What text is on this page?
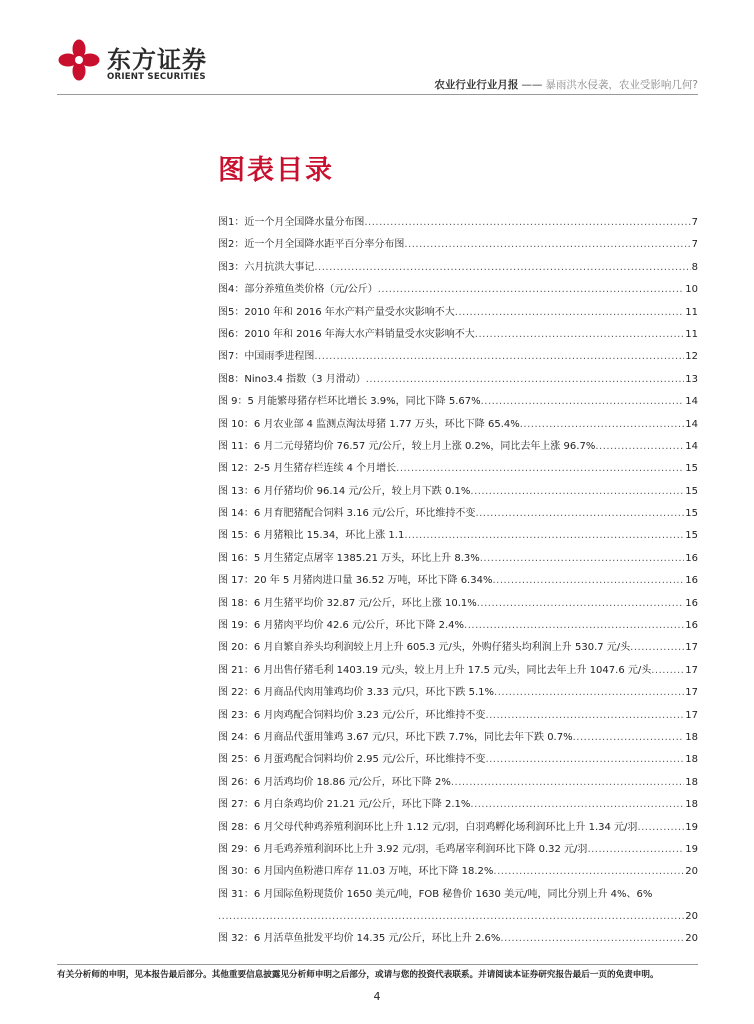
东方证券
ORIENT SECURITIES
农业行业行业月报 —— 暴雨洪水侵袭，农业受影响几何?
图表目录
图1：近一个月全国降水量分布图 .....	7
图2：近一个月全国降水距平百分率分布图 .....	7
图3：六月抗洪大事记 .....	8
图4：部分养殖鱼类价格（元/公斤） .....	10
图5：2010 年和 2016 年水产料产量受水灾影响不大 .....	11
图6：2010 年和 2016 年海大水产料销量受水灾影响不大 .....	11
图7：中国雨季进程图 .....	12
图8：Nino3.4 指数（3 月滑动） .....	13
图 9：5 月能繁母猪存栏环比增长 3.9%，同比下降 5.67% .....	14
图 10：6 月农业部 4 监测点淘汰母猪 1.77 万头，环比下降 65.4% .....	14
图 11：6 月二元母猪均价 76.57 元/公斤，较上月上涨 0.2%，同比去年上涨 96.7% .....	14
图 12：2-5 月生猪存栏连续 4 个月增长 .....	15
图 13：6 月仔猪均价 96.14 元/公斤，较上月下跌 0.1% .....	15
图 14：6 月育肥猪配合饲料 3.16 元/公斤，环比维持不变 .....	15
图 15：6 月猪粮比 15.34，环比上涨 1.1 .....	15
图 16：5 月生猪定点屠宰 1385.21 万头，环比上升 8.3% .....	16
图 17：20 年 5 月猪肉进口量 36.52 万吨，环比下降 6.34% .....	16
图 18：6 月生猪平均价 32.87 元/公斤，环比上涨 10.1% .....	16
图 19：6 月猪肉平均价 42.6 元/公斤，环比下降 2.4% .....	16
图 20：6 月自繁自养头均利润较上月上升 605.3 元/头，外购仔猪头均利润上升 530.7 元/头 .....	17
图 21：6 月出售仔猪毛利 1403.19 元/头，较上月上升 17.5 元/头，同比去年上升 1047.6 元/头 .....	17
图 22：6 月商品代肉用雏鸡均价 3.33 元/只，环比下跌 5.1% .....	17
图 23：6 月肉鸡配合饲料均价 3.23 元/公斤，环比维持不变 .....	17
图 24：6 月商品代蛋用雏鸡 3.67 元/只，环比下跌 7.7%，同比去年下跌 0.7% .....	18
图 25：6 月蛋鸡配合饲料均价 2.95 元/公斤，环比维持不变 .....	18
图 26：6 月活鸡均价 18.86 元/公斤，环比下降 2% .....	18
图 27：6 月白条鸡均价 21.21 元/公斤，环比下降 2.1% .....	18
图 28：6 月父母代种鸡养殖利润环比上升 1.12 元/羽，白羽鸡孵化场利润环比上升 1.34 元/羽 .....	19
图 29：6 月毛鸡养殖利润环比上升 3.92 元/羽，毛鸡屠宰利润环比下降 0.32 元/羽 .....	19
图 30：6 月国内鱼粉港口库存 11.03 万吨，环比下降 18.2% .....	20
图 31：6 月国际鱼粉现货价 1650 美元/吨，FOB 秘鲁价 1630 美元/吨，同比分别上升 4%、6%
.....
20
图 32：6 月活草鱼批发平均价 14.35 元/公斤，环比上升 2.6% .....	20
有关分析师的申明，见本报告最后部分。其他重要信息披露见分析师申明之后部分，或请与您的投资代表联系。并请阅读本证券研究报告最后一页的免责申明。
4
